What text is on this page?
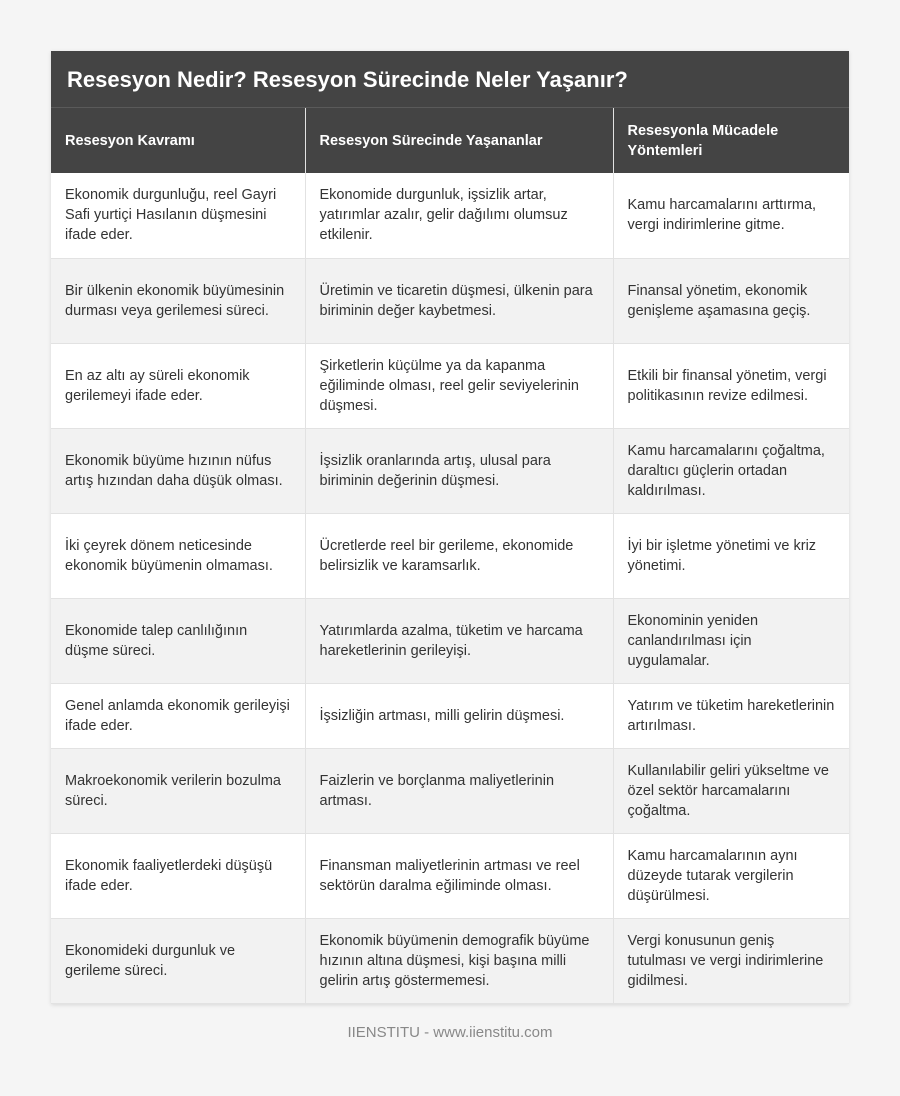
Resesyon Nedir? Resesyon Sürecinde Neler Yaşanır?
Resesyon Kavramı	Resesyon Sürecinde Yaşananlar	Resesyonla Mücadele Yöntemleri
Ekonomik durgunluğu, reel Gayri Safi yurtiçi Hasılanın düşmesini ifade eder.	Ekonomide durgunluk, işsizlik artar, yatırımlar azalır, gelir dağılımı olumsuz etkilenir.	Kamu harcamalarını arttırma, vergi indirimlerine gitme.
Bir ülkenin ekonomik büyümesinin durması veya gerilemesi süreci.	Üretimin ve ticaretin düşmesi, ülkenin para biriminin değer kaybetmesi.	Finansal yönetim, ekonomik genişleme aşamasına geçiş.
En az altı ay süreli ekonomik gerilemeyi ifade eder.	Şirketlerin küçülme ya da kapanma eğiliminde olması, reel gelir seviyelerinin düşmesi.	Etkili bir finansal yönetim, vergi politikasının revize edilmesi.
Ekonomik büyüme hızının nüfus artış hızından daha düşük olması.	İşsizlik oranlarında artış, ulusal para biriminin değerinin düşmesi.	Kamu harcamalarını çoğaltma, daraltıcı güçlerin ortadan kaldırılması.
İki çeyrek dönem neticesinde ekonomik büyümenin olmaması.	Ücretlerde reel bir gerileme, ekonomide belirsizlik ve karamsarlık.	İyi bir işletme yönetimi ve kriz yönetimi.
Ekonomide talep canlılığının düşme süreci.	Yatırımlarda azalma, tüketim ve harcama hareketlerinin gerileyişi.	Ekonominin yeniden canlandırılması için uygulamalar.
Genel anlamda ekonomik gerileyişi ifade eder.	İşsizliğin artması, milli gelirin düşmesi.	Yatırım ve tüketim hareketlerinin artırılması.
Makroekonomik verilerin bozulma süreci.	Faizlerin ve borçlanma maliyetlerinin artması.	Kullanılabilir geliri yükseltme ve özel sektör harcamalarını çoğaltma.
Ekonomik faaliyetlerdeki düşüşü ifade eder.	Finansman maliyetlerinin artması ve reel sektörün daralma eğiliminde olması.	Kamu harcamalarının aynı düzeyde tutarak vergilerin düşürülmesi.
Ekonomideki durgunluk ve gerileme süreci.	Ekonomik büyümenin demografik büyüme hızının altına düşmesi, kişi başına milli gelirin artış göstermemesi.	Vergi konusunun geniş tutulması ve vergi indirimlerine gidilmesi.
IIENSTITU - www.iienstitu.com
